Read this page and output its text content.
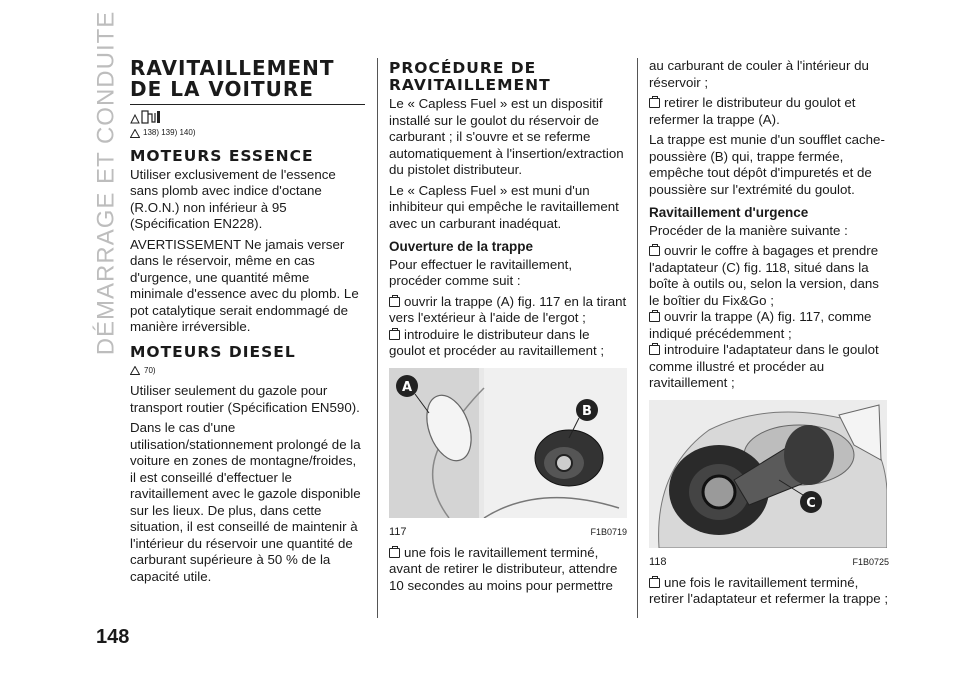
DÉMARRAGE ET CONDUITE
148
RAVITAILLEMENT DE LA VOITURE
138) 139) 140)
MOTEURS ESSENCE

Utiliser exclusivement de l'essence sans plomb avec indice d'octane (R.O.N.) non inférieur à 95 (Spécification EN228).

AVERTISSEMENT Ne jamais verser dans le réservoir, même en cas d'urgence, une quantité même minimale d'essence avec du plomb. Le pot catalytique serait endommagé de manière irréversible.

MOTEURS DIESEL
70)

Utiliser seulement du gazole pour transport routier (Spécification EN590).

Dans le cas d'une utilisation/stationnement prolongé de la voiture en zones de montagne/froides, il est conseillé d'effectuer le ravitaillement avec le gazole disponible sur les lieux. De plus, dans cette situation, il est conseillé de maintenir à l'intérieur du réservoir une quantité de carburant supérieure à 50 % de la capacité utile.

PROCÉDURE DE RAVITAILLEMENT

Le « Capless Fuel » est un dispositif installé sur le goulot du réservoir de carburant ; il s'ouvre et se referme automatiquement à l'insertion/extraction du pistolet distributeur.

Le « Capless Fuel » est muni d'un inhibiteur qui empêche le ravitaillement avec un carburant inadéquat.

Ouverture de la trappe

Pour effectuer le ravitaillement, procéder comme suit :

ouvrir la trappe (A) fig. 117 en la tirant vers l'extérieur à l'aide de l'ergot ;
introduire le distributeur dans le goulot et procéder au ravitaillement ;
A
B
117	F1B0719
une fois le ravitaillement terminé, avant de retirer le distributeur, attendre 10 secondes au moins pour permettre

au carburant de couler à l'intérieur du réservoir ;

retirer le distributeur du goulot et refermer la trappe (A).

La trappe est munie d'un soufflet cache-poussière (B) qui, trappe fermée, empêche tout dépôt d'impuretés et de poussière sur l'extrémité du goulot.

Ravitaillement d'urgence

Procéder de la manière suivante :

ouvrir le coffre à bagages et prendre l'adaptateur (C) fig. 118, situé dans la boîte à outils ou, selon la version, dans le boîtier du Fix&Go ;
ouvrir la trappe (A) fig. 117, comme indiqué précédemment ;
introduire l'adaptateur dans le goulot comme illustré et procéder au ravitaillement ;
C
118	F1B0725
une fois le ravitaillement terminé, retirer l'adaptateur et refermer la trappe ;
